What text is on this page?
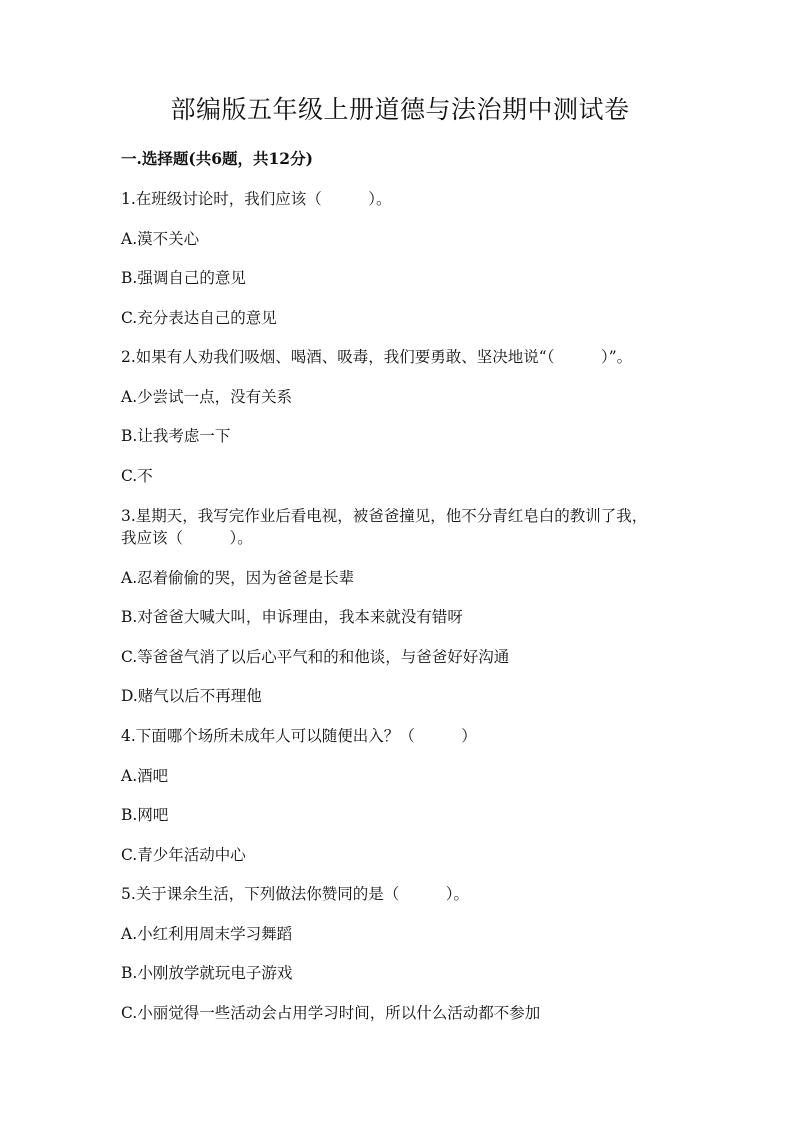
部编版五年级上册道德与法治期中测试卷

一.选择题(共6题，共12分)

1.在班级讨论时，我们应该（　　　）。

A.漠不关心

B.强调自己的意见

C.充分表达自己的意见

2.如果有人劝我们吸烟、喝酒、吸毒，我们要勇敢、坚决地说“（　　　）”。

A.少尝试一点，没有关系

B.让我考虑一下

C.不

3.星期天，我写完作业后看电视，被爸爸撞见，他不分青红皂白的教训了我，

我应该（　　　）。

A.忍着偷偷的哭，因为爸爸是长辈

B.对爸爸大喊大叫，申诉理由，我本来就没有错呀

C.等爸爸气消了以后心平气和的和他谈，与爸爸好好沟通

D.赌气以后不再理他

4.下面哪个场所未成年人可以随便出入？（　　　）

A.酒吧

B.网吧

C.青少年活动中心

5.关于课余生活，下列做法你赞同的是（　　　）。

A.小红利用周末学习舞蹈

B.小刚放学就玩电子游戏

C.小丽觉得一些活动会占用学习时间，所以什么活动都不参加
